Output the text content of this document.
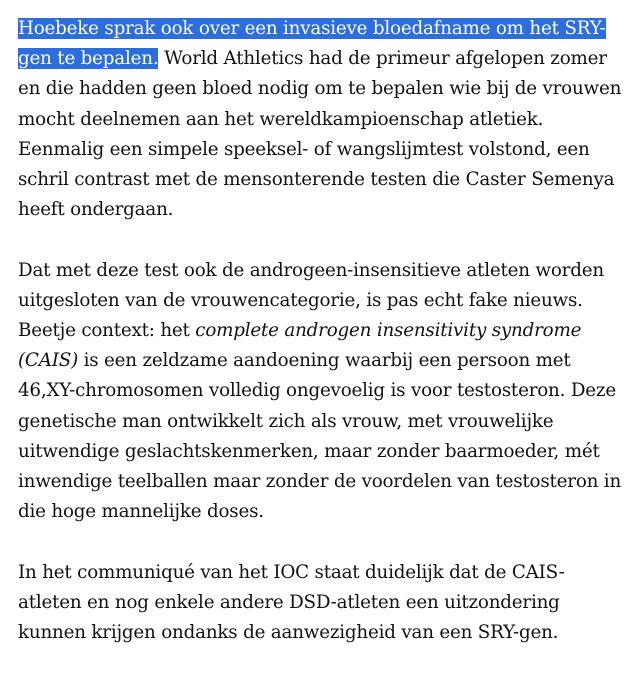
Hoebeke sprak ook over een invasieve bloedafname om het SRY-gen te bepalen. World Athletics had de primeur afgelopen zomer en die hadden geen bloed nodig om te bepalen wie bij de vrouwen mocht deelnemen aan het wereldkampioenschap atletiek. Eenmalig een simpele speeksel- of wangslijmtest volstond, een schril contrast met de mensonterende testen die Caster Semenya heeft ondergaan.

Dat met deze test ook de androgeen-insensitieve atleten worden uitgesloten van de vrouwencategorie, is pas echt fake nieuws. Beetje context: het complete androgen insensitivity syndrome (CAIS) is een zeldzame aandoening waarbij een persoon met 46,XY-chromosomen volledig ongevoelig is voor testosteron. Deze genetische man ontwikkelt zich als vrouw, met vrouwelijke uitwendige geslachtskenmerken, maar zonder baarmoeder, mét inwendige teelballen maar zonder de voordelen van testosteron in die hoge mannelijke doses.

In het communiqué van het IOC staat duidelijk dat de CAIS-atleten en nog enkele andere DSD-atleten een uitzondering kunnen krijgen ondanks de aanwezigheid van een SRY-gen.
